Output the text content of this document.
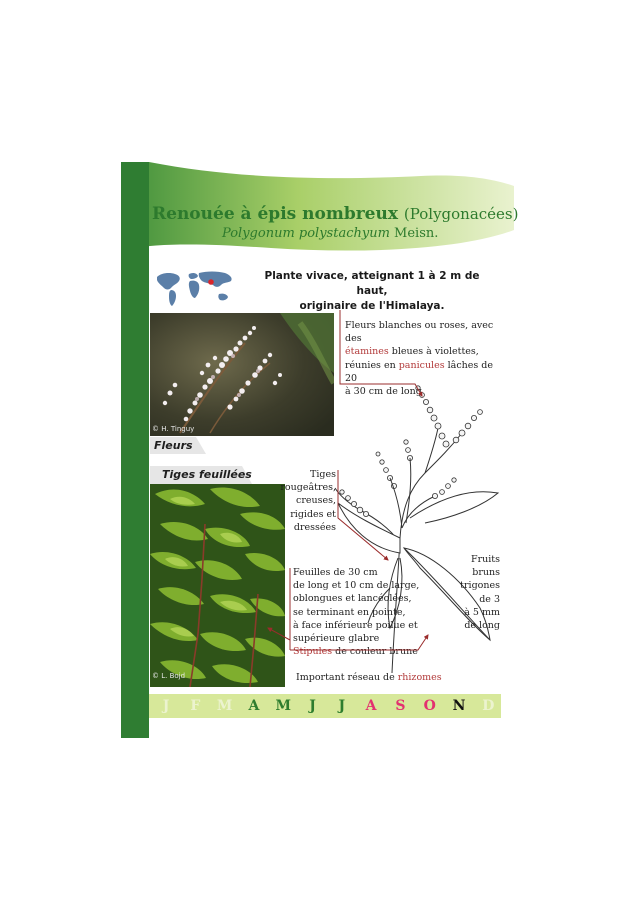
Renouée à épis nombreux (Polygonacées)
Polygonum polystachyum Meisn.
Plante vivace, atteignant 1 à 2 m de haut,
originaire de l'Himalaya.
© H. Tinguy
Fleurs
Tiges feuillées
© L. Bojd
Fleurs blanches ou roses, avec des
étamines bleues à violettes,
réunies en panicules lâches de 20
à 30 cm de long
Tiges rougeâtres,
creuses,
rigides et
dressées
Feuilles de 30 cm
de long et 10 cm de large,
oblongues et lancéolées,
se terminant en pointe,
à face inférieure poilue et
supérieure glabre
Stipules de couleur brune
Important réseau de rhizomes
Fruits
bruns
trigones
de 3
à 5 mm
de long
J	F	M	A	M	J	J	A	S	O	N	D
